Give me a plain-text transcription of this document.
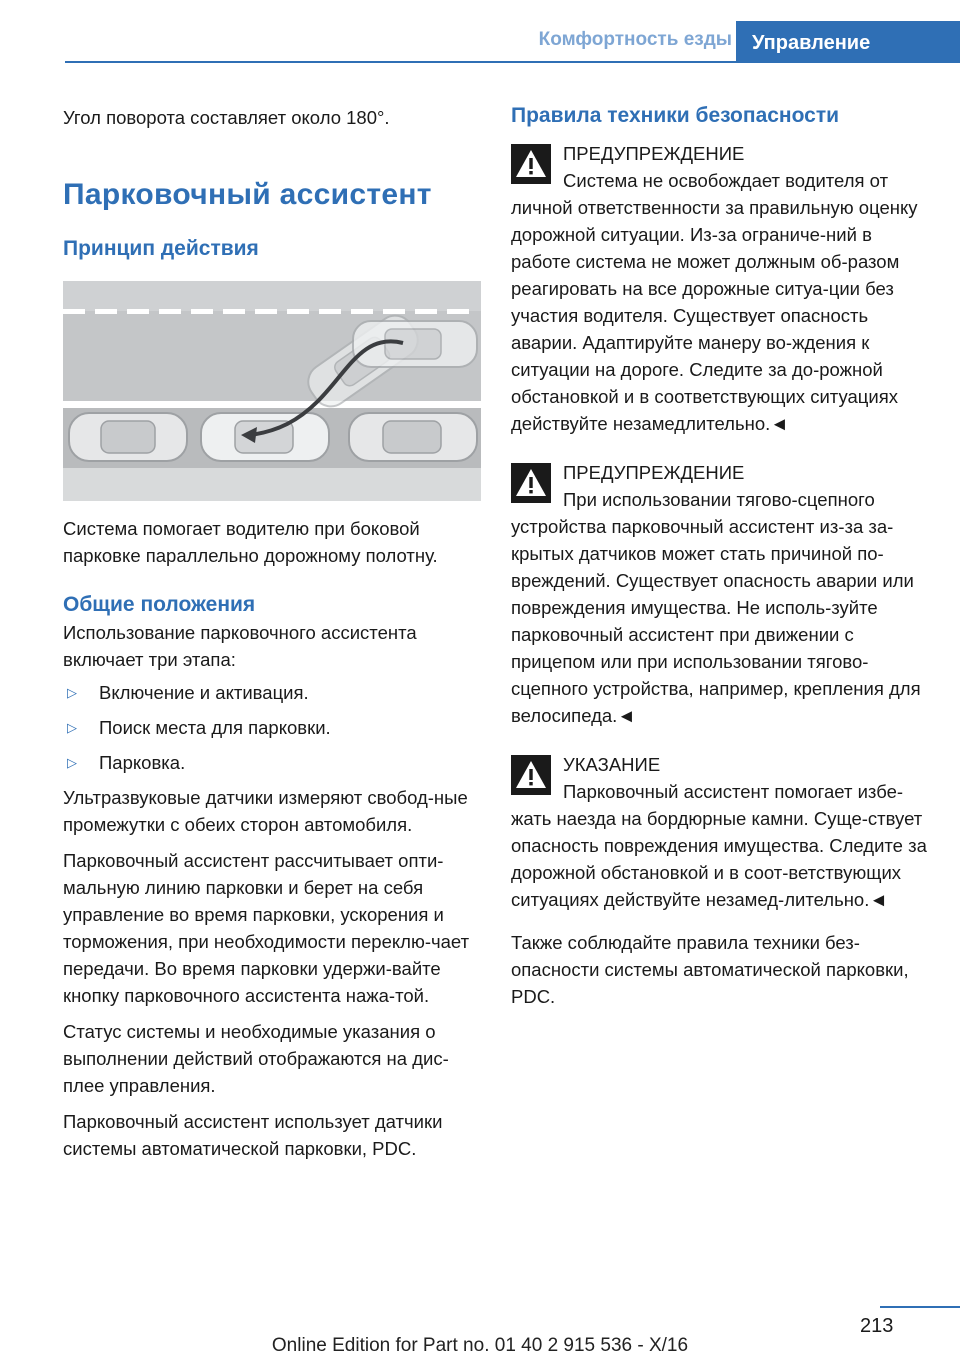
Комфортность езды	Управление

Угол поворота составляет около 180°.

Парковочный ассистент
Принцип действия

Система помогает водителю при боковой парковке параллельно дорожному полотну.

Общие положения

Использование парковочного ассистента включает три этапа:

▷ Включение и активация.
▷ Поиск места для парковки.
▷ Парковка.

Ультразвуковые датчики измеряют свобод-ные промежутки с обеих сторон автомобиля.

Парковочный ассистент рассчитывает опти-мальную линию парковки и берет на себя управление во время парковки, ускорения и торможения, при необходимости переклю-чает передачи. Во время парковки удержи-вайте кнопку парковочного ассистента нажа-той.

Статус системы и необходимые указания о выполнении действий отображаются на дис-плее управления.

Парковочный ассистент использует датчики системы автоматической парковки, PDC.

Правила техники безопасности
ПРЕДУПРЕЖДЕНИЕ

Система не освобождает водителя от личной ответственности за правильную оценку дорожной ситуации. Из-за ограниче-ний в работе система не может должным об-разом реагировать на все дорожные ситуа-ции без участия водителя. Существует опасность аварии. Адаптируйте манеру во-ждения к ситуации на дороге. Следите за до-рожной обстановкой и в соответствующих ситуациях действуйте незамедлительно.◄

ПРЕДУПРЕЖДЕНИЕ

При использовании тягово-сцепного устройства парковочный ассистент из-за за-крытых датчиков может стать причиной по-вреждений. Существует опасность аварии или повреждения имущества. Не исполь-зуйте парковочный ассистент при движении с прицепом или при использовании тягово-сцепного устройства, например, крепления для велосипеда.◄

УКАЗАНИЕ

Парковочный ассистент помогает избе-жать наезда на бордюрные камни. Суще-ствует опасность повреждения имущества. Следите за дорожной обстановкой и в соот-ветствующих ситуациях действуйте незамед-лительно.◄

Также соблюдайте правила техники без-опасности системы автоматической парковки, PDC.

213
Online Edition for Part no. 01 40 2 915 536 - X/16
